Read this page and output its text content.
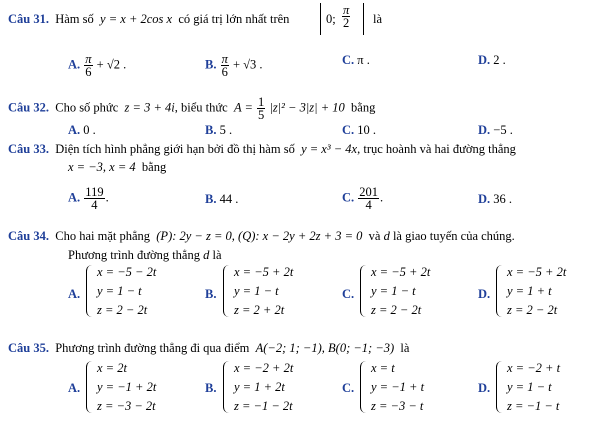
Câu 31. Hàm số y = x + 2cos x có giá trị lớn nhất trên	0; $\frac{\pi}{2}$ là
A. $\frac{\pi}{6} + √2$ .	B. $\frac{\pi}{6} + √3$ .	C. π .	D. 2 .
Câu 32. Cho số phức z = 3 + 4i, biểu thức $A = \frac{1}{5} |z|^2 - 3|z| + 10$ bằng
A. 0 .	B. 5 .	C. 10 .	D. −5 .
Câu 33. Diện tích hình phẳng giới hạn bởi đồ thị hàm số y = x³ − 4x, trục hoành và hai đường thẳng
x = −3, x = 4 bằng
A. $\frac{119}{4}$ .	B. 44 .	C. $\frac{201}{4}$ .	D. 36 .
Câu 34. Cho hai mặt phẳng (P): 2y − z = 0, (Q): x − 2y + 2z + 3 = 0 và d là giao tuyến của chúng.
Phương trình đường thẳng d là
A.
x = −5 − 2t
y = 1 − t
z = 2 − 2t
B.
x = −5 + 2t
y = 1 − t
z = 2 + 2t
C.
x = −5 + 2t
y = 1 − t
z = 2 − 2t
D.
x = −5 + 2t
y = 1 + t
z = 2 − 2t
Câu 35. Phương trình đường thẳng đi qua điểm A(−2; 1; −1), B(0; −1; −3) là
A.
x = 2t
y = −1 + 2t
z = −3 − 2t
B.
x = −2 + 2t
y = 1 + 2t
z = −1 − 2t
C.
x = t
y = −1 + t
z = −3 − t
D.
x = −2 + t
y = 1 − t
z = −1 − t
